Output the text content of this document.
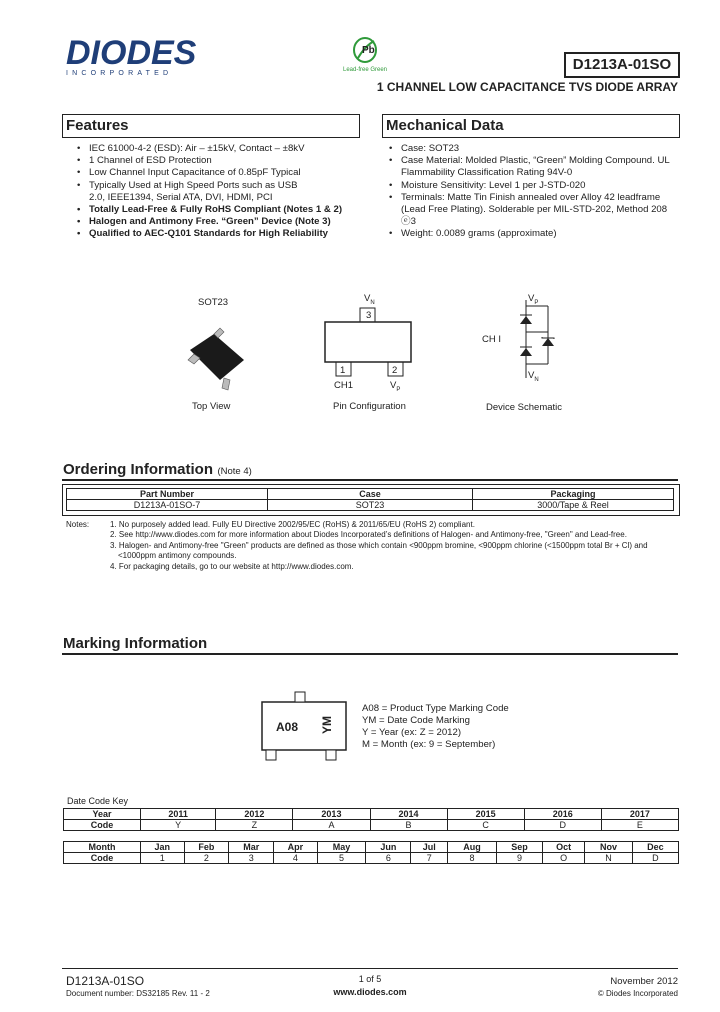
DIODES
INCORPORATED
Pb
Lead-free Green	D1213A-01SO
1 CHANNEL LOW CAPACITANCE TVS DIODE ARRAY
Features
• IEC 61000-4-2 (ESD): Air – ±15kV, Contact – ±8kV
• 1 Channel of ESD Protection
• Low Channel Input Capacitance of 0.85pF Typical
• Typically Used at High Speed Ports such as USB 2.0, IEEE1394, Serial ATA, DVI, HDMI, PCI
• Totally Lead-Free & Fully RoHS Compliant (Notes 1 & 2)
• Halogen and Antimony Free. “Green” Device (Note 3)
• Qualified to AEC-Q101 Standards for High Reliability
Mechanical Data
• Case: SOT23
• Case Material: Molded Plastic, “Green” Molding Compound. UL Flammability Classification Rating 94V-0
• Moisture Sensitivity: Level 1 per J-STD-020
• Terminals: Matte Tin Finish annealed over Alloy 42 leadframe (Lead Free Plating). Solderable per MIL-STD-202, Method 208 ⓔ3
• Weight: 0.0089 grams (approximate)
SOT23
Top View
$V_N$
3
1	2
CH1	$V_P$
Pin Configuration
$V_P$
$V_N$
CH I
Device Schematic
Ordering Information (Note 4)
Part Number	Case	Packaging
D1213A-01SO-7	SOT23	3000/Tape & Reel
Notes:	1. No purposely added lead. Fully EU Directive 2002/95/EC (RoHS) & 2011/65/EU (RoHS 2) compliant.
2. See http://www.diodes.com for more information about Diodes Incorporated’s definitions of Halogen- and Antimony-free, "Green" and Lead-free.
3. Halogen- and Antimony-free "Green" products are defined as those which contain <900ppm bromine, <900ppm chlorine (<1500ppm total Br + Cl) and
<1000ppm antimony compounds.
4. For packaging details, go to our website at http://www.diodes.com.
Marking Information
A08 YM
A08 = Product Type Marking Code
YM = Date Code Marking
Y = Year (ex: Z = 2012)
M = Month (ex: 9 = September)
Date Code Key
Year	2011	2012	2013	2014	2015	2016	2017
Code	Y	Z	A	B	C	D	E
Month	Jan	Feb	Mar	Apr	May	Jun	Jul	Aug	Sep	Oct	Nov	Dec
Code	1	2	3	4	5	6	7	8	9	O	N	D
D1213A-01SO
Document number: DS32185 Rev. 11 - 2
1 of 5
www.diodes.com
November 2012
© Diodes Incorporated
